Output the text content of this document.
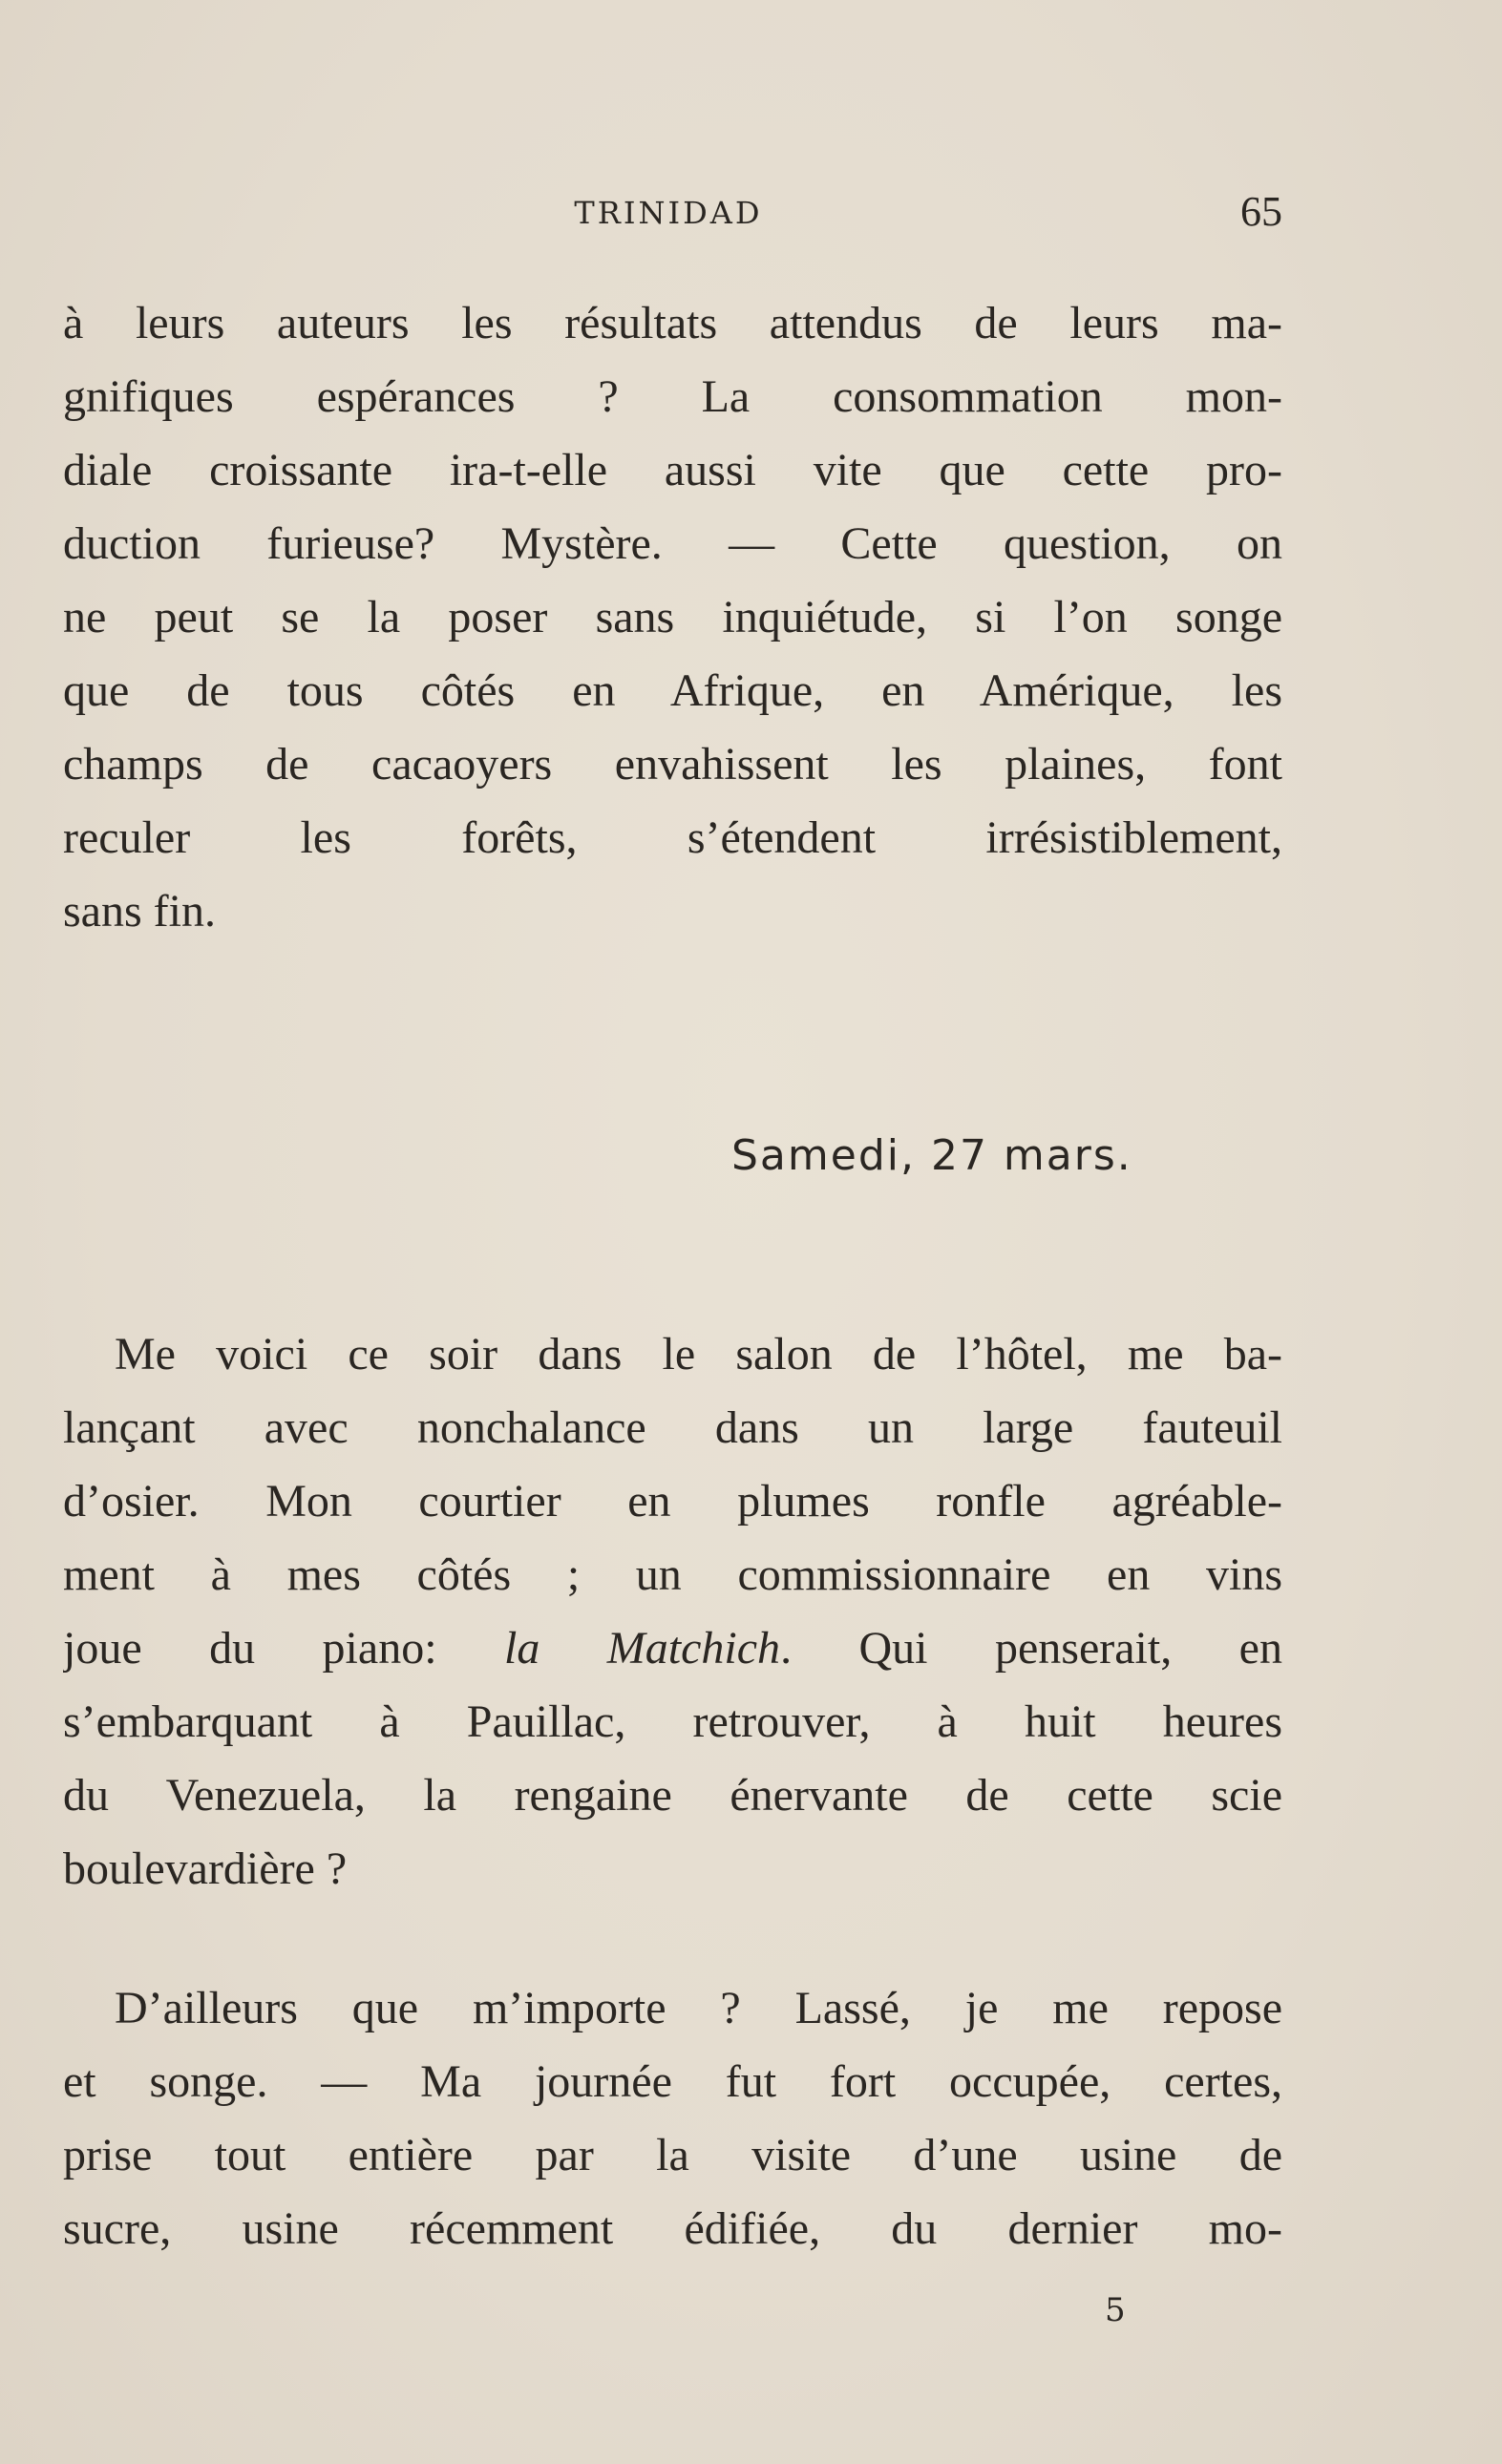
TRINIDAD	65
à leurs auteurs les résultats attendus de leurs ma-
gnifiques espérances ? La consommation mon-
diale croissante ira-t-elle aussi vite que cette pro-
duction furieuse? Mystère. — Cette question, on
ne peut se la poser sans inquiétude, si l’on songe
que de tous côtés en Afrique, en Amérique, les
champs de cacaoyers envahissent les plaines, font
reculer les forêts, s’étendent irrésistiblement,
sans fin.
Samedi, 27 mars.
Me voici ce soir dans le salon de l’hôtel, me ba-
lançant avec nonchalance dans un large fauteuil
d’osier. Mon courtier en plumes ronfle agréable-
ment à mes côtés ; un commissionnaire en vins
joue du piano: la Matchich. Qui penserait, en
s’embarquant à Pauillac, retrouver, à huit heures
du Venezuela, la rengaine énervante de cette scie
boulevardière ?
D’ailleurs que m’importe ? Lassé, je me repose
et songe. — Ma journée fut fort occupée, certes,
prise tout entière par la visite d’une usine de
sucre, usine récemment édifiée, du dernier mo-
5
